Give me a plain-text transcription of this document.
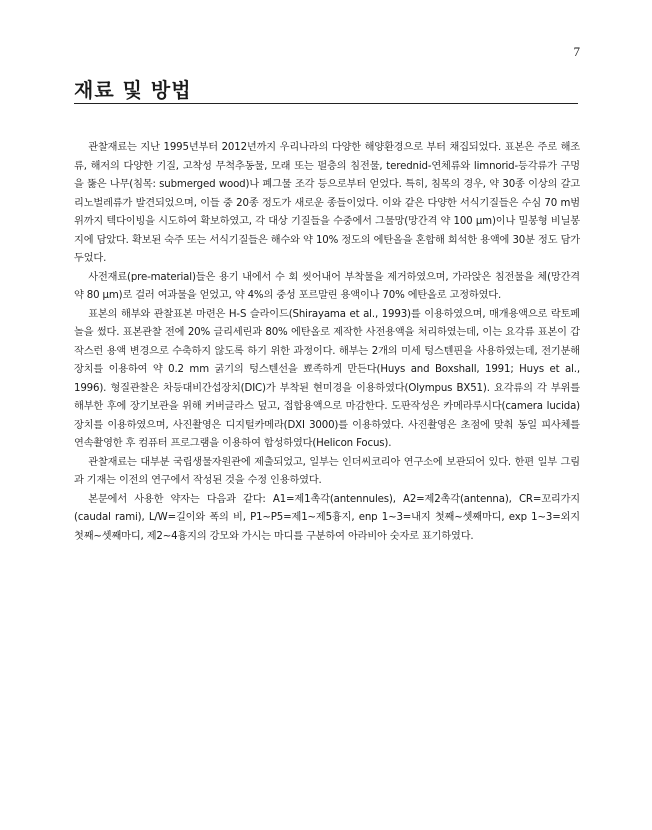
7
재료 및 방법

관찰재료는 지난 1995년부터 2012년까지 우리나라의 다양한 해양환경으로 부터 채집되었다. 표본은 주로 해조류, 해저의 다양한 기질, 고착성 무척추동물, 모래 또는 펄층의 침전물, terednid-연체류와 limnorid-등각류가 구멍을 뚫은 나무(침목: submerged wood)나 폐그물 조각 등으로부터 얻었다. 특히, 침목의 경우, 약 30종 이상의 갈고리노벌레류가 발견되었으며, 이들 중 20종 정도가 새로운 종들이었다. 이와 같은 다양한 서식기질들은 수심 70 m범위까지 텍다이빙을 시도하여 확보하였고, 각 대상 기질들을 수중에서 그물망(망간격 약 100 μm)이나 밀봉형 비닐봉지에 담았다. 확보된 숙주 또는 서식기질들은 해수와 약 10% 정도의 에탄올을 혼합해 희석한 용액에 30분 정도 담가두었다.

사전재료(pre-material)들은 용기 내에서 수 회 씻어내어 부착물을 제거하였으며, 가라앉은 침전물을 체(망간격 약 80 μm)로 걸러 여과물을 얻었고, 약 4%의 중성 포르말린 용액이나 70% 에탄올로 고정하였다.

표본의 해부와 관찰표본 마련은 H-S 슬라이드(Shirayama et al., 1993)를 이용하였으며, 매개용액으로 락토페놀을 썼다. 표본관찰 전에 20% 글리세린과 80% 에탄올로 제작한 사전용액을 처리하였는데, 이는 요각류 표본이 갑작스런 용액 변경으로 수축하지 않도록 하기 위한 과정이다. 해부는 2개의 미세 텅스텐핀을 사용하였는데, 전기분해장치를 이용하여 약 0.2 mm 굵기의 텅스텐선을 뾰족하게 만든다(Huys and Boxshall, 1991; Huys et al., 1996). 형질관찰은 차등대비간섭장치(DIC)가 부착된 현미경을 이용하였다(Olympus BX51). 요각류의 각 부위를 해부한 후에 장기보관을 위해 커버글라스 덮고, 접합용액으로 마감한다. 도판작성은 카메라루시다(camera lucida) 장치를 이용하였으며, 사진촬영은 디지털카메라(DXI 3000)를 이용하였다. 사진촬영은 초점에 맞춰 동일 피사체를 연속촬영한 후 컴퓨터 프로그램을 이용하여 합성하였다(Helicon Focus).

관찰재료는 대부분 국립생물자원관에 제출되었고, 일부는 인더씨코리아 연구소에 보관되어 있다. 한편 일부 그림과 기재는 이전의 연구에서 작성된 것을 수정 인용하였다.

본문에서 사용한 약자는 다음과 같다: A1=제1촉각(antennules), A2=제2촉각(antenna), CR=꼬리가지(caudal rami), L/W=길이와 폭의 비, P1~P5=제1~제5흉지, enp 1~3=내지 첫째~셋째마디, exp 1~3=외지 첫째~셋째마디, 제2~4흉지의 강모와 가시는 마디를 구분하여 아라비아 숫자로 표기하였다.
